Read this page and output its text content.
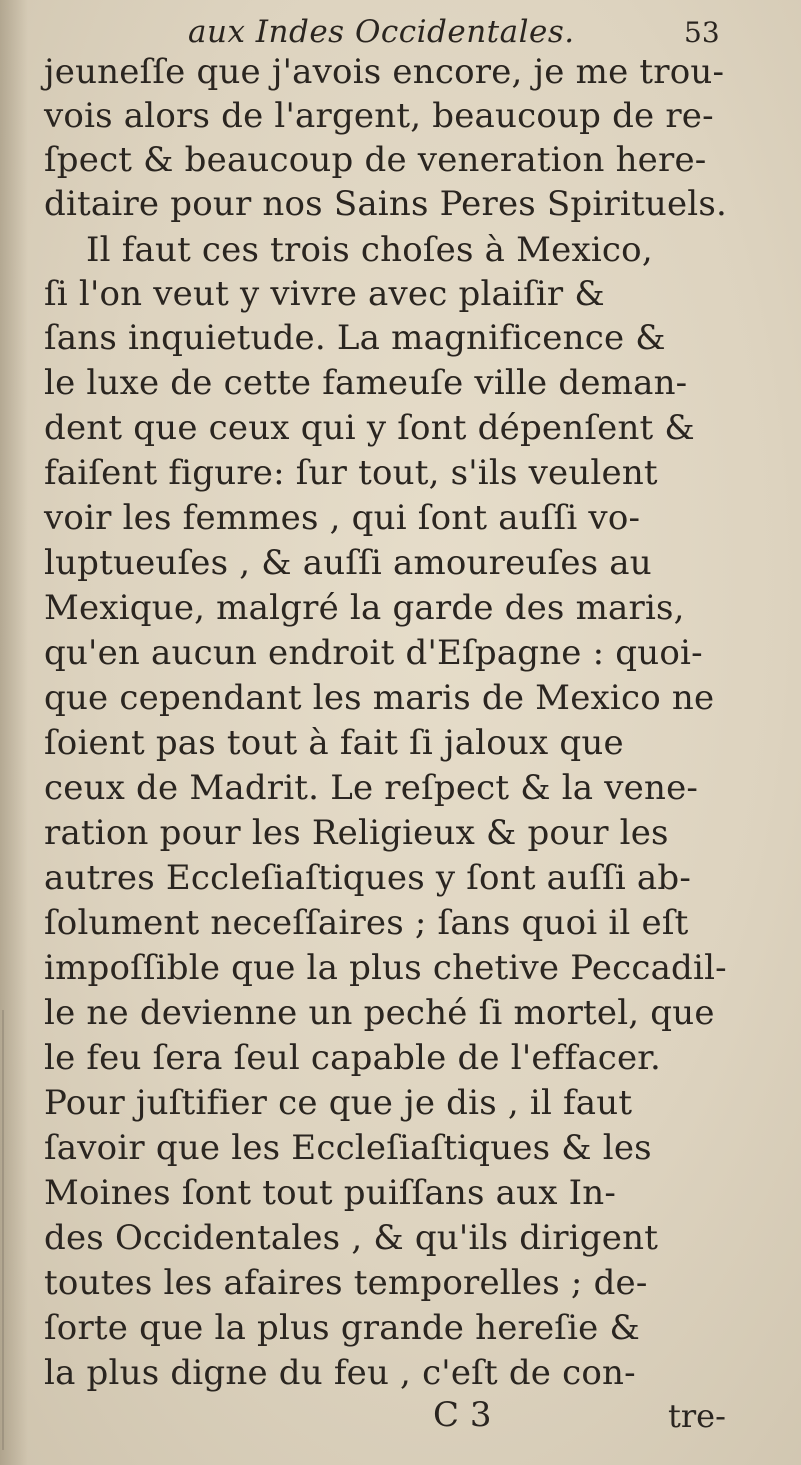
aux Indes Occidentales.	53
jeuneſſe que j'avois encore, je me trou-
vois alors de l'argent, beaucoup de re-
ſpect & beaucoup de veneration here-
ditaire pour nos Sains Peres Spirituels.
Il faut ces trois choſes à Mexico,
ſi l'on veut y vivre avec plaiſir &
ſans inquietude. La magnificence &
le luxe de cette fameuſe ville deman-
dent que ceux qui y ſont dépenſent &
faiſent figure: ſur tout, s'ils veulent
voir les femmes , qui ſont auſſi vo-
luptueuſes , & auſſi amoureuſes au
Mexique, malgré la garde des maris,
qu'en aucun endroit d'Eſpagne : quoi-
que cependant les maris de Mexico ne
ſoient pas tout à fait ſi jaloux que
ceux de Madrit. Le reſpect & la vene-
ration pour les Religieux & pour les
autres Eccleſiaſtiques y ſont auſſi ab-
ſolument neceſſaires ; ſans quoi il eſt
impoſſible que la plus chetive Peccadil-
le ne devienne un peché ſi mortel, que
le feu ſera ſeul capable de l'effacer.
Pour juſtifier ce que je dis , il faut
ſavoir que les Eccleſiaſtiques & les
Moines ſont tout puiſſans aux In-
des Occidentales , & qu'ils dirigent
toutes les afaires temporelles ; de-
ſorte que la plus grande hereſie &
la plus digne du feu , c'eſt de con-
C 3	tre-
